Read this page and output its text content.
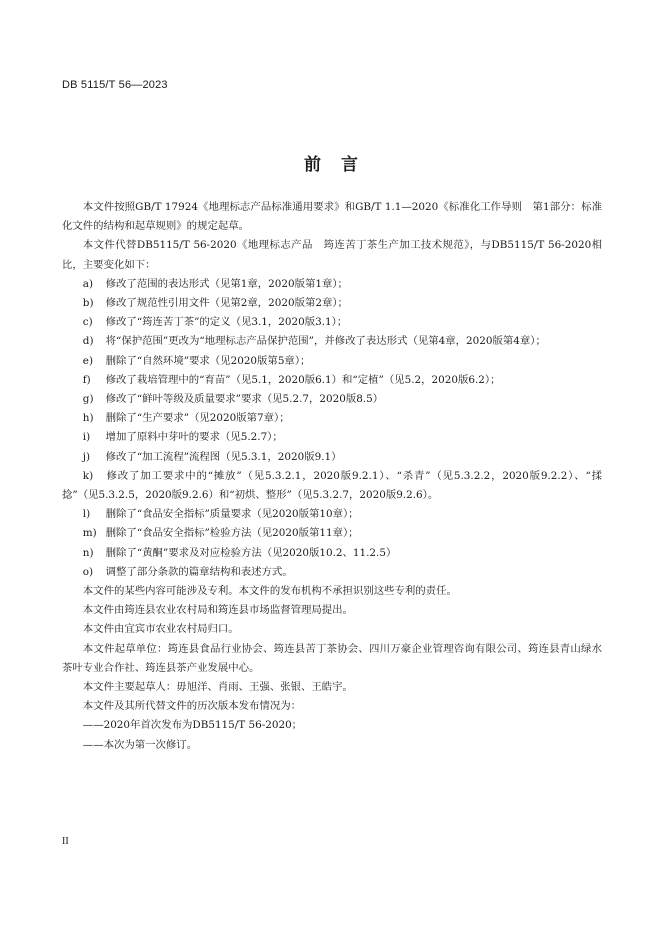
DB 5115/T 56—2023
前言

本文件按照GB/T 17924《地理标志产品标准通用要求》和GB/T 1.1—2020《标准化工作导则　第1部分：标准化文件的结构和起草规则》的规定起草。

本文件代替DB5115/T 56-2020《地理标志产品　筠连苦丁茶生产加工技术规范》，与DB5115/T 56-2020相比，主要变化如下：

a) 修改了范围的表达形式（见第1章，2020版第1章）；

b) 修改了规范性引用文件（见第2章，2020版第2章）；

c) 修改了“筠连苦丁茶”的定义（见3.1，2020版3.1）；

d) 将“保护范围”更改为“地理标志产品保护范围”，并修改了表达形式（见第4章，2020版第4章）；

e) 删除了“自然环境”要求（见2020版第5章）；

f) 修改了栽培管理中的“育苗”（见5.1，2020版6.1）和“定植”（见5.2，2020版6.2）；

g) 修改了“鲜叶等级及质量要求”要求（见5.2.7，2020版8.5）

h) 删除了“生产要求”（见2020版第7章）；

i) 增加了原料中芽叶的要求（见5.2.7）；

j) 修改了“加工流程”流程图（见5.3.1，2020版9.1）

k) 修改了加工要求中的“摊放”（见5.3.2.1，2020版9.2.1）、“杀青”（见5.3.2.2，2020版9.2.2）、“揉捻”（见5.3.2.5，2020版9.2.6）和“初烘、整形”（见5.3.2.7，2020版9.2.6）。

l) 删除了“食品安全指标”质量要求（见2020版第10章）；

m) 删除了“食品安全指标”检验方法（见2020版第11章）；

n) 删除了“黄酮”要求及对应检验方法（见2020版10.2、11.2.5）

o) 调整了部分条款的篇章结构和表述方式。

本文件的某些内容可能涉及专利。本文件的发布机构不承担识别这些专利的责任。

本文件由筠连县农业农村局和筠连县市场监督管理局提出。

本文件由宜宾市农业农村局归口。

本文件起草单位：筠连县食品行业协会、筠连县苦丁茶协会、四川万豪企业管理咨询有限公司、筠连县青山绿水茶叶专业合作社、筠连县茶产业发展中心。

本文件主要起草人：毋旭洋、肖雨、王强、张银、王皓宇。

本文件及其所代替文件的历次版本发布情况为：

——2020年首次发布为DB5115/T 56-2020；

——本次为第一次修订。

II
